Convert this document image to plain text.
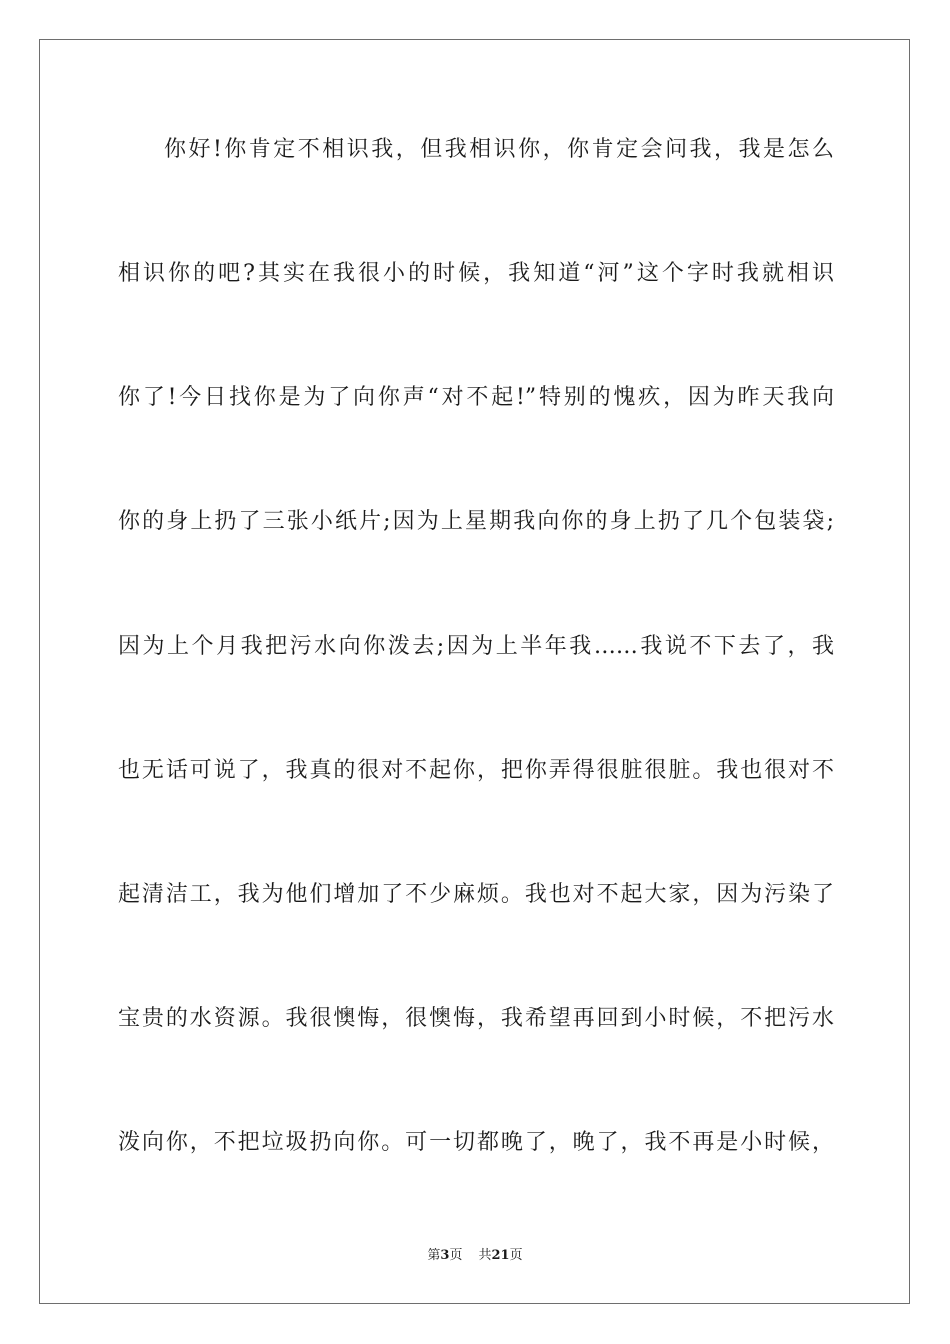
你好!你肯定不相识我，但我相识你，你肯定会问我，我是怎么
相识你的吧?其实在我很小的时候，我知道“河”这个字时我就相识
你了!今日找你是为了向你声“对不起!”特别的愧疚，因为昨天我向
你的身上扔了三张小纸片;因为上星期我向你的身上扔了几个包装袋;
因为上个月我把污水向你泼去;因为上半年我……我说不下去了，我
也无话可说了，我真的很对不起你，把你弄得很脏很脏。我也很对不
起清洁工，我为他们增加了不少麻烦。我也对不起大家，因为污染了
宝贵的水资源。我很懊悔，很懊悔，我希望再回到小时候，不把污水
泼向你，不把垃圾扔向你。可一切都晚了，晚了，我不再是小时候，
第3页 共21页
